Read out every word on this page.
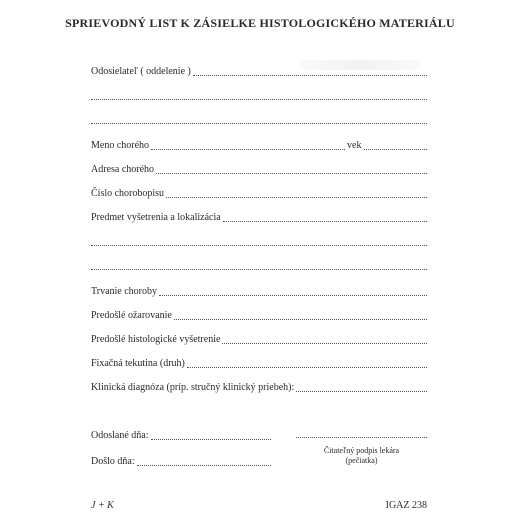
SPRIEVODNÝ LIST K ZÁSIELKE HISTOLOGICKÉHO MATERIÁLU
Odosielateľ ( oddelenie )
Meno chorého	vek
Adresa chorého
Číslo chorobopisu
Predmet vyšetrenia a lokalizácia
Trvanie choroby
Predošlé ožarovanie
Predošlé histologické vyšetrenie
Fixačná tekutina (druh)
Klinická diagnóza (príp. stručný klinický priebeh):
Odoslané dňa:
Došlo dňa:
Čitateľný podpis lekára
(pečiatka)
J + K	IGAZ 238
